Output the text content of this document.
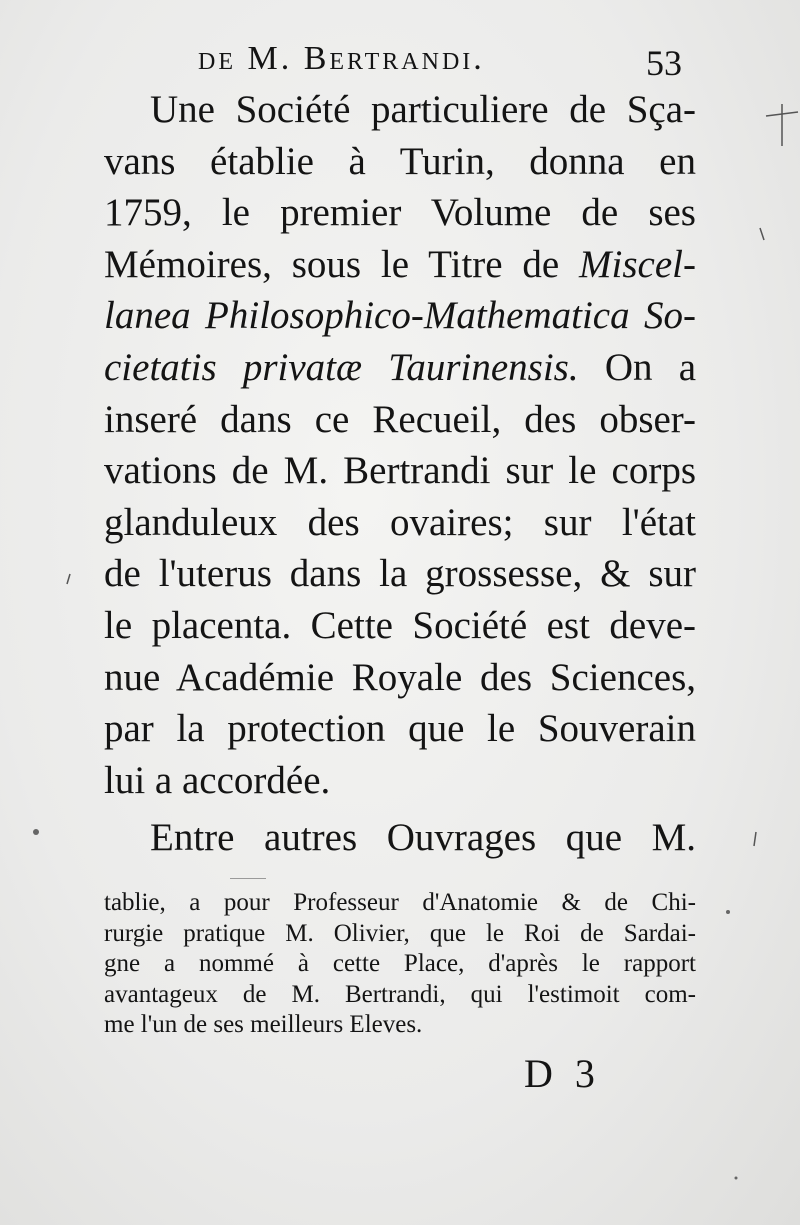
de M. Bertrandi.	53
Une Société particuliere de Sça-
vans établie à Turin, donna en
1759, le premier Volume de ses
Mémoires, sous le Titre de Miscel-
lanea Philosophico-Mathematica So-
cietatis privatæ Taurinensis. On a
inseré dans ce Recueil, des obser-
vations de M. Bertrandi sur le corps
glanduleux des ovaires; sur l'état
de l'uterus dans la grossesse, & sur
le placenta. Cette Société est deve-
nue Académie Royale des Sciences,
par la protection que le Souverain
lui a accordée.
Entre autres Ouvrages que M.
tablie, a pour Professeur d'Anatomie & de Chi-
rurgie pratique M. Olivier, que le Roi de Sardai-
gne a nommé à cette Place, d'après le rapport
avantageux de M. Bertrandi, qui l'estimoit com-
me l'un de ses meilleurs Eleves.
D 3
